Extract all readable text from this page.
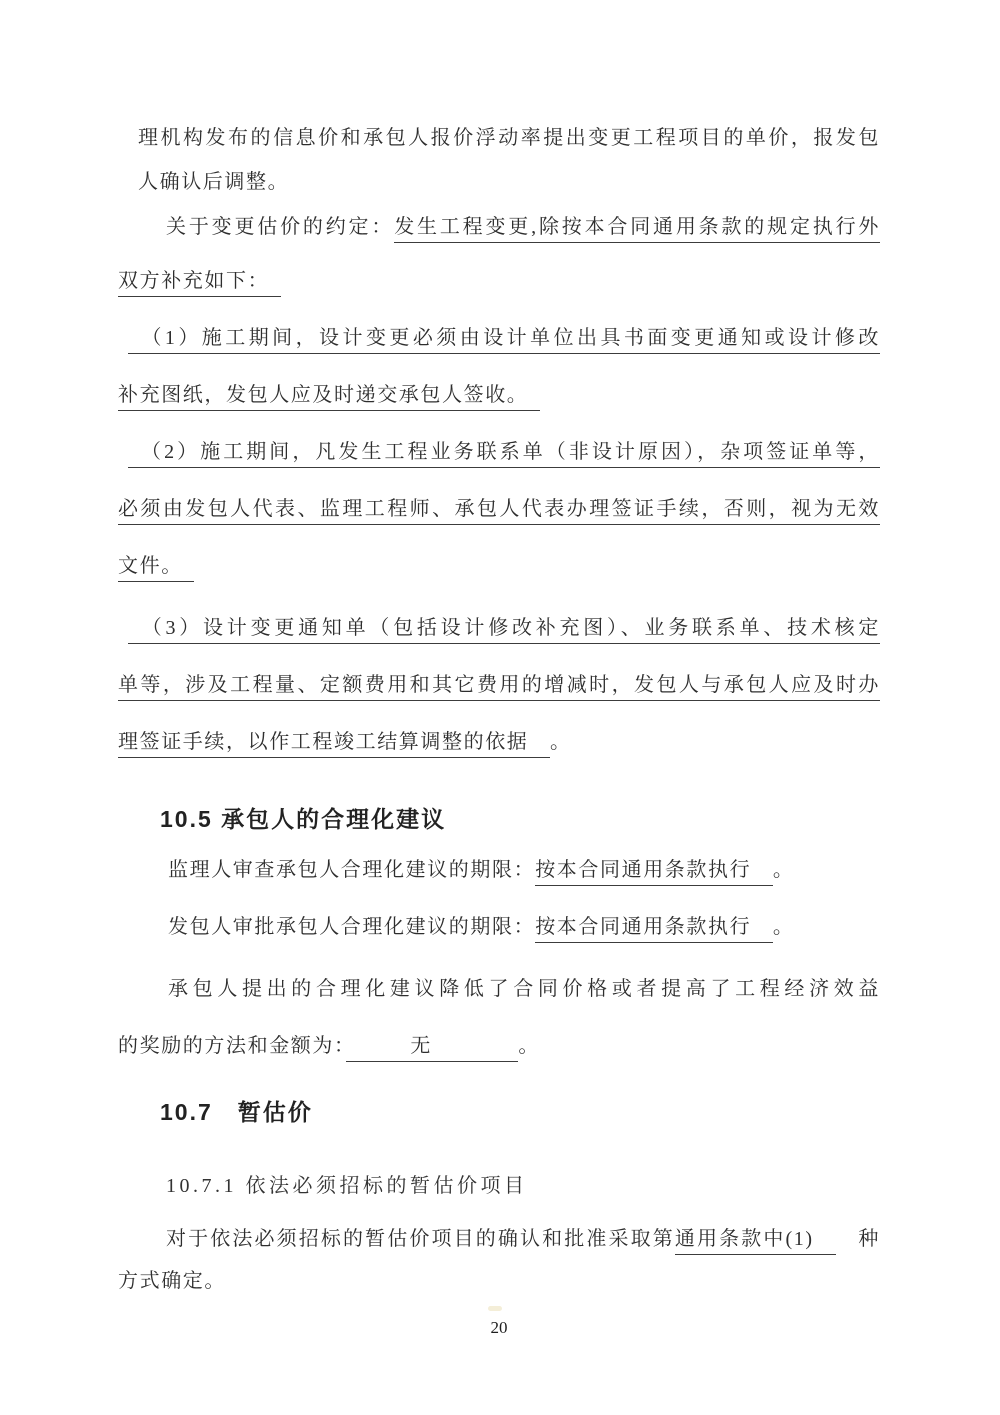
理机构发布的信息价和承包人报价浮动率提出变更工程项目的单价，报发包
人确认后调整。
关于变更估价的约定：发生工程变更,除按本合同通用条款的规定执行外
双方补充如下：　
　（1）施工期间，设计变更必须由设计单位出具书面变更通知或设计修改
补充图纸，发包人应及时递交承包人签收。　
　（2）施工期间，凡发生工程业务联系单（非设计原因），杂项签证单等，
必须由发包人代表、监理工程师、承包人代表办理签证手续，否则，视为无效
文件。　
　（3）设计变更通知单（包括设计修改补充图）、业务联系单、技术核定
单等，涉及工程量、定额费用和其它费用的增减时，发包人与承包人应及时办
理签证手续，以作工程竣工结算调整的依据　。
10.5 承包人的合理化建议
监理人审查承包人合理化建议的期限：按本合同通用条款执行　。
发包人审批承包人合理化建议的期限：按本合同通用条款执行　。
承包人提出的合理化建议降低了合同价格或者提高了工程经济效益
的奖励的方法和金额为：　　　无　　　　。
10.7　暂估价
10.7.1 依法必须招标的暂估价项目
对于依法必须招标的暂估价项目的确认和批准采取第通用条款中(1)　　种
方式确定。
20
